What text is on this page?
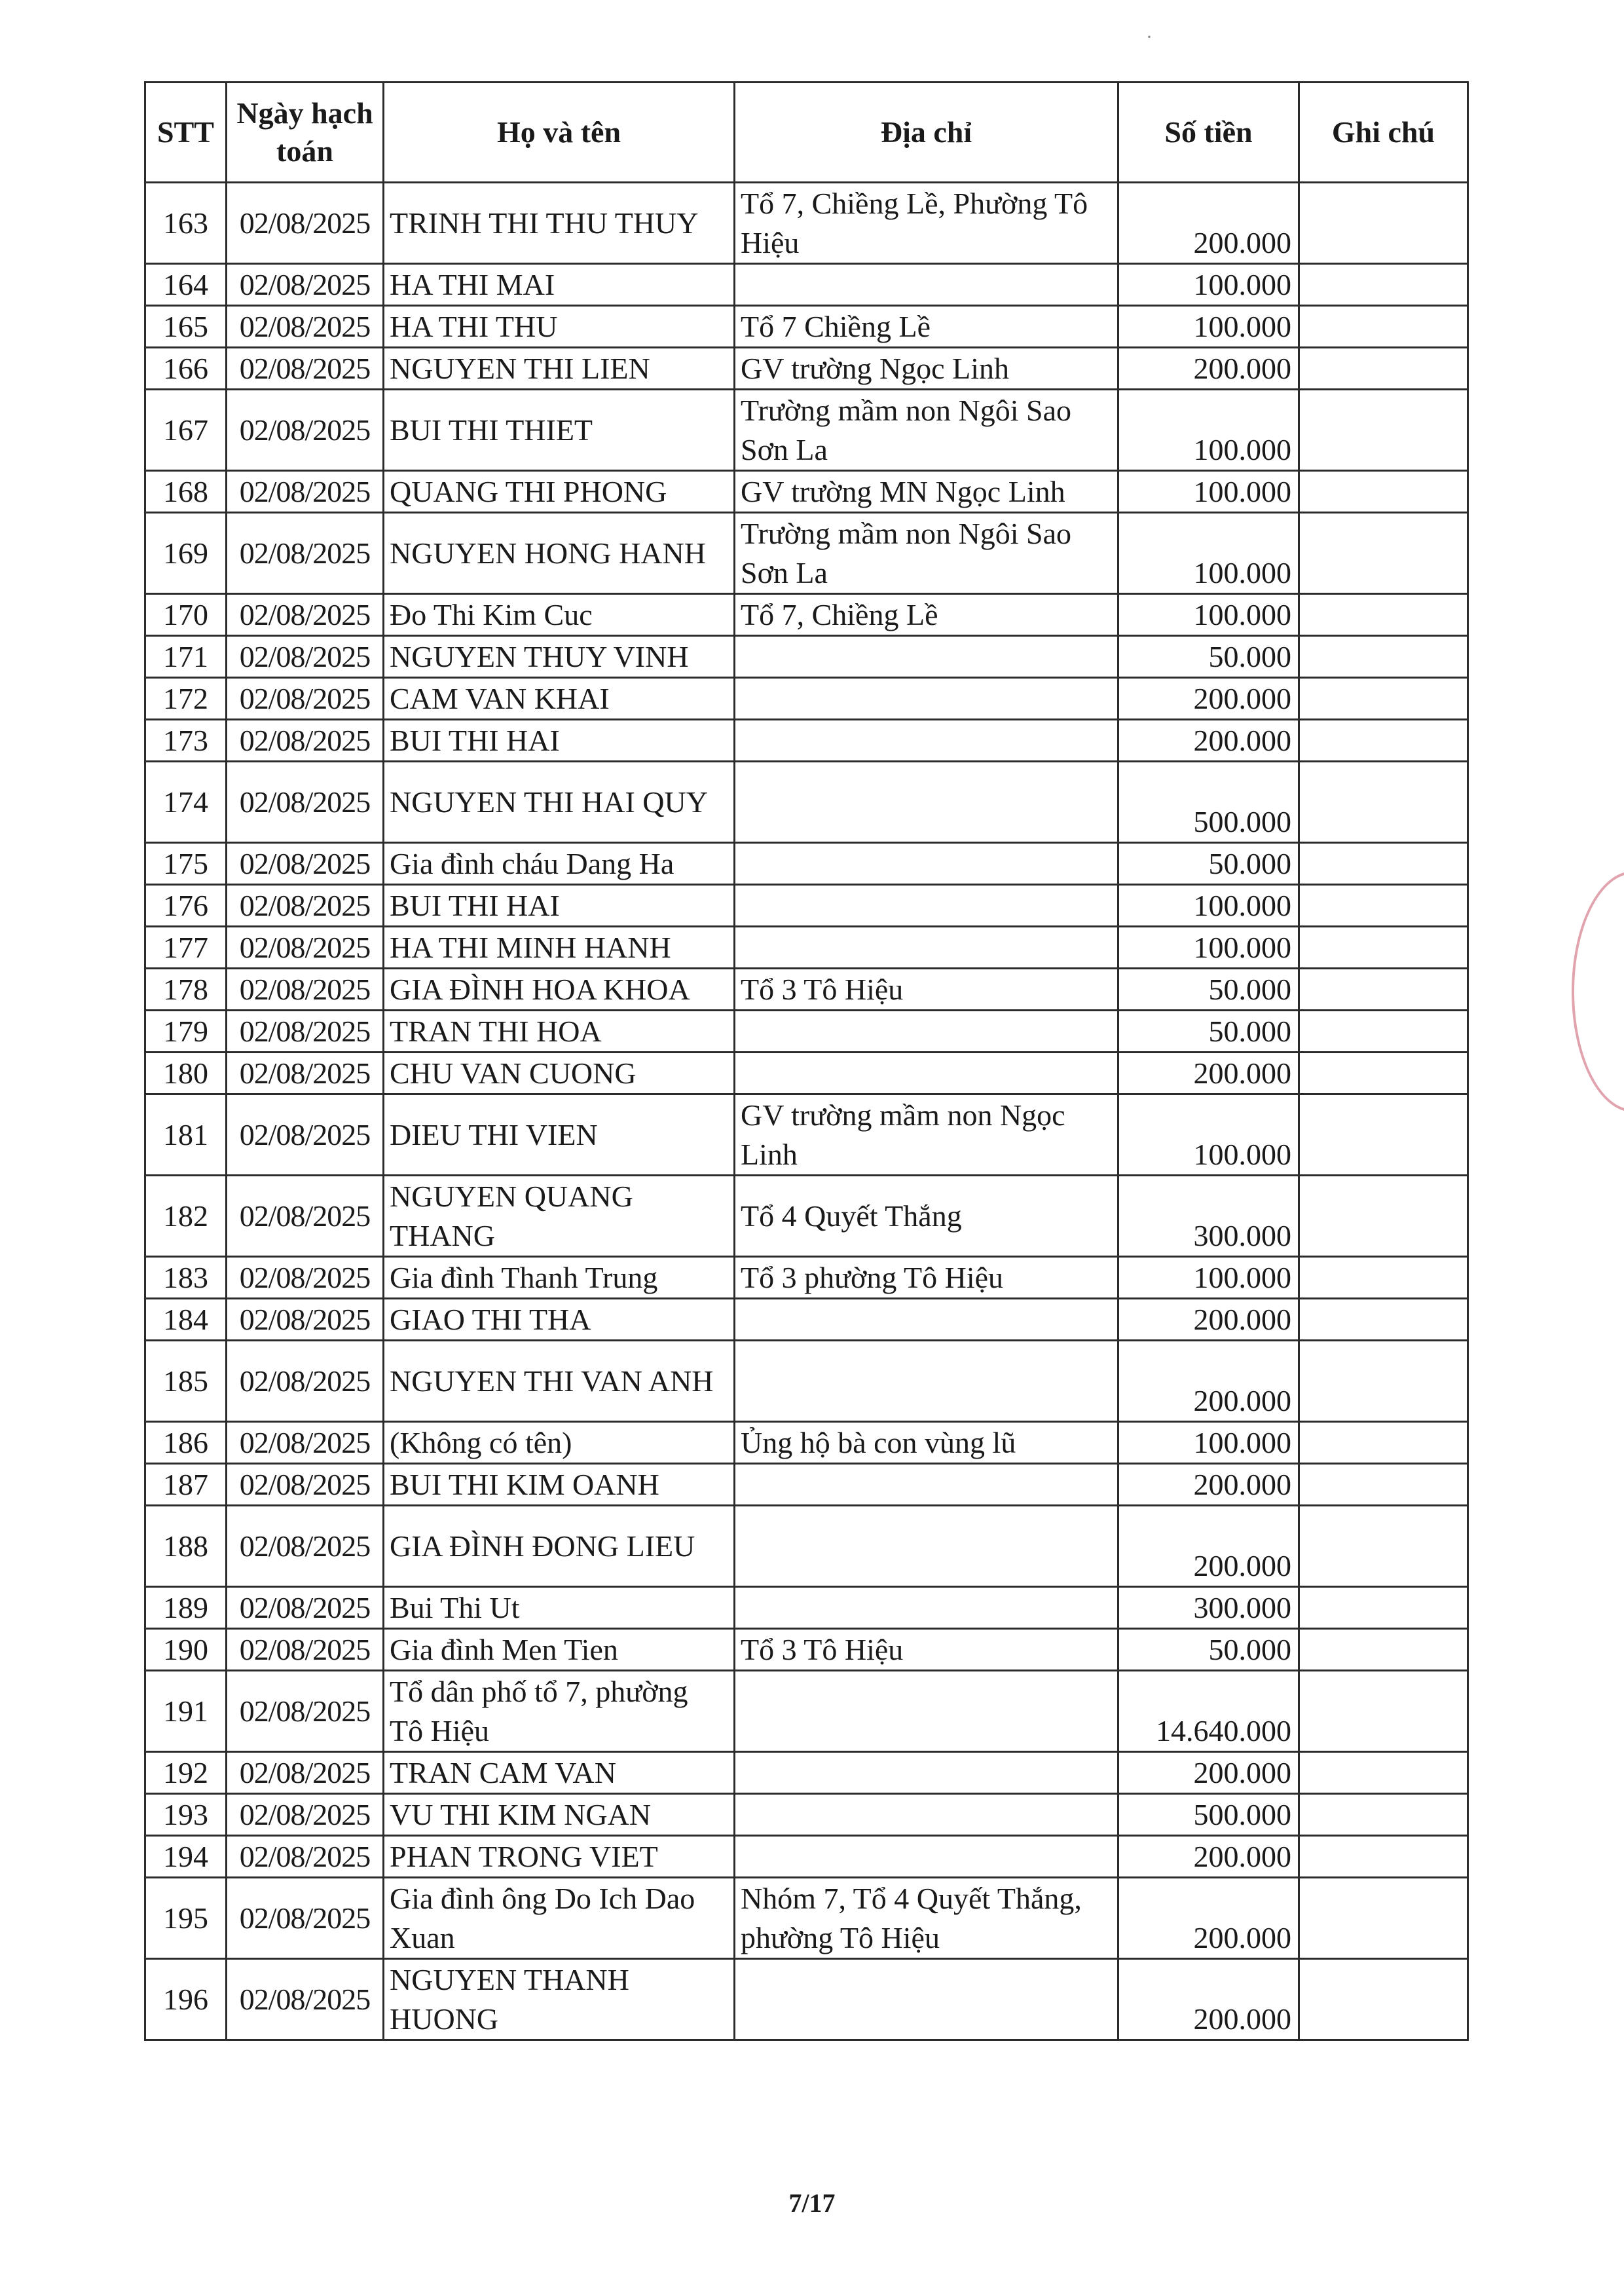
·
STT	Ngày hạch toán	Họ và tên	Địa chỉ	Số tiền	Ghi chú
163	02/08/2025	TRINH THI THU THUY	Tổ 7, Chiềng Lề, Phường Tô Hiệu	200.000	
164	02/08/2025	HA THI MAI		100.000	
165	02/08/2025	HA THI THU	Tổ 7 Chiềng Lề	100.000	
166	02/08/2025	NGUYEN THI LIEN	GV trường Ngọc Linh	200.000	
167	02/08/2025	BUI THI THIET	Trường mầm non Ngôi Sao Sơn La	100.000	
168	02/08/2025	QUANG THI PHONG	GV trường MN Ngọc Linh	100.000	
169	02/08/2025	NGUYEN HONG HANH	Trường mầm non Ngôi Sao Sơn La	100.000	
170	02/08/2025	Đo Thi Kim Cuc	Tổ 7, Chiềng Lề	100.000	
171	02/08/2025	NGUYEN THUY VINH		50.000	
172	02/08/2025	CAM VAN KHAI		200.000	
173	02/08/2025	BUI THI HAI		200.000	
174	02/08/2025	NGUYEN THI HAI QUY		500.000	
175	02/08/2025	Gia đình cháu Dang Ha		50.000	
176	02/08/2025	BUI THI HAI		100.000	
177	02/08/2025	HA THI MINH HANH		100.000	
178	02/08/2025	GIA ĐÌNH HOA KHOA	Tổ 3 Tô Hiệu	50.000	
179	02/08/2025	TRAN THI HOA		50.000	
180	02/08/2025	CHU VAN CUONG		200.000	
181	02/08/2025	DIEU THI VIEN	GV trường mầm non Ngọc Linh	100.000	
182	02/08/2025	NGUYEN QUANG THANG	Tổ 4 Quyết Thắng	300.000	
183	02/08/2025	Gia đình Thanh Trung	Tổ 3 phường Tô Hiệu	100.000	
184	02/08/2025	GIAO THI THA		200.000	
185	02/08/2025	NGUYEN THI VAN ANH		200.000	
186	02/08/2025	(Không có tên)	Ủng hộ bà con vùng lũ	100.000	
187	02/08/2025	BUI THI KIM OANH		200.000	
188	02/08/2025	GIA ĐÌNH ĐONG LIEU		200.000	
189	02/08/2025	Bui Thi Ut		300.000	
190	02/08/2025	Gia đình Men Tien	Tổ 3 Tô Hiệu	50.000	
191	02/08/2025	Tổ dân phố tổ 7, phường Tô Hiệu		14.640.000	
192	02/08/2025	TRAN CAM VAN		200.000	
193	02/08/2025	VU THI KIM NGAN		500.000	
194	02/08/2025	PHAN TRONG VIET		200.000	
195	02/08/2025	Gia đình ông Do Ich Dao Xuan	Nhóm 7, Tổ 4 Quyết Thắng, phường Tô Hiệu	200.000	
196	02/08/2025	NGUYEN THANH HUONG		200.000	
7/17
